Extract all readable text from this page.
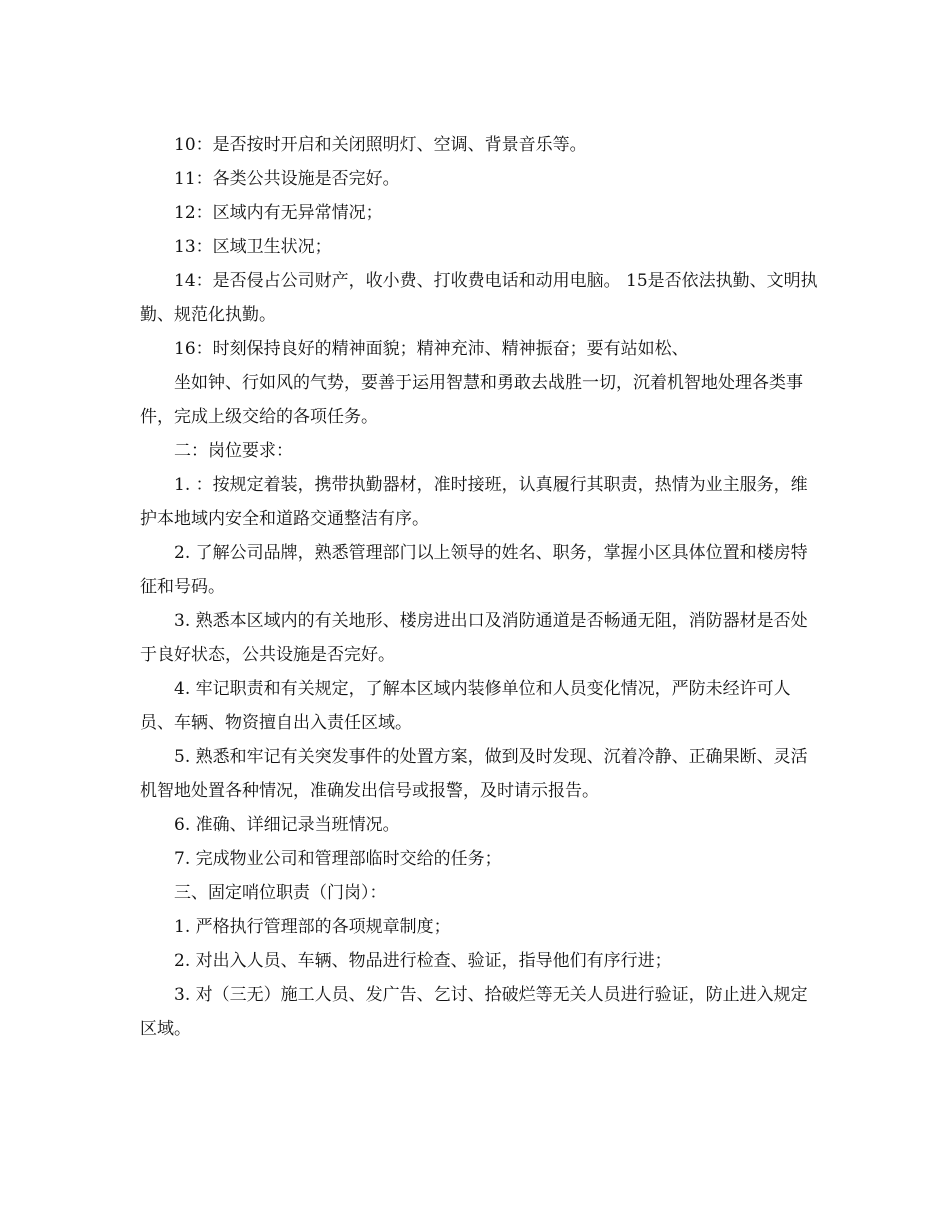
10：是否按时开启和关闭照明灯、空调、背景音乐等。

11：各类公共设施是否完好。

12：区域内有无异常情况；

13：区域卫生状况；

14：是否侵占公司财产，收小费、打收费电话和动用电脑。 15是否依法执勤、文明执勤、规范化执勤。

16：时刻保持良好的精神面貌；精神充沛、精神振奋；要有站如松、

坐如钟、行如风的气势，要善于运用智慧和勇敢去战胜一切，沉着机智地处理各类事件，完成上级交给的各项任务。

二：岗位要求：

1. ：按规定着装，携带执勤器材，准时接班，认真履行其职责，热情为业主服务，维护本地域内安全和道路交通整洁有序。

2. 了解公司品牌，熟悉管理部门以上领导的姓名、职务，掌握小区具体位置和楼房特征和号码。

3. 熟悉本区域内的有关地形、楼房进出口及消防通道是否畅通无阻，消防器材是否处于良好状态，公共设施是否完好。

4. 牢记职责和有关规定，了解本区域内装修单位和人员变化情况，严防未经许可人员、车辆、物资擅自出入责任区域。

5. 熟悉和牢记有关突发事件的处置方案，做到及时发现、沉着冷静、正确果断、灵活机智地处置各种情况，准确发出信号或报警，及时请示报告。

6. 准确、详细记录当班情况。

7. 完成物业公司和管理部临时交给的任务；

三、固定哨位职责（门岗）：

1. 严格执行管理部的各项规章制度；

2. 对出入人员、车辆、物品进行检查、验证，指导他们有序行进；

3. 对（三无）施工人员、发广告、乞讨、拾破烂等无关人员进行验证，防止进入规定区域。
